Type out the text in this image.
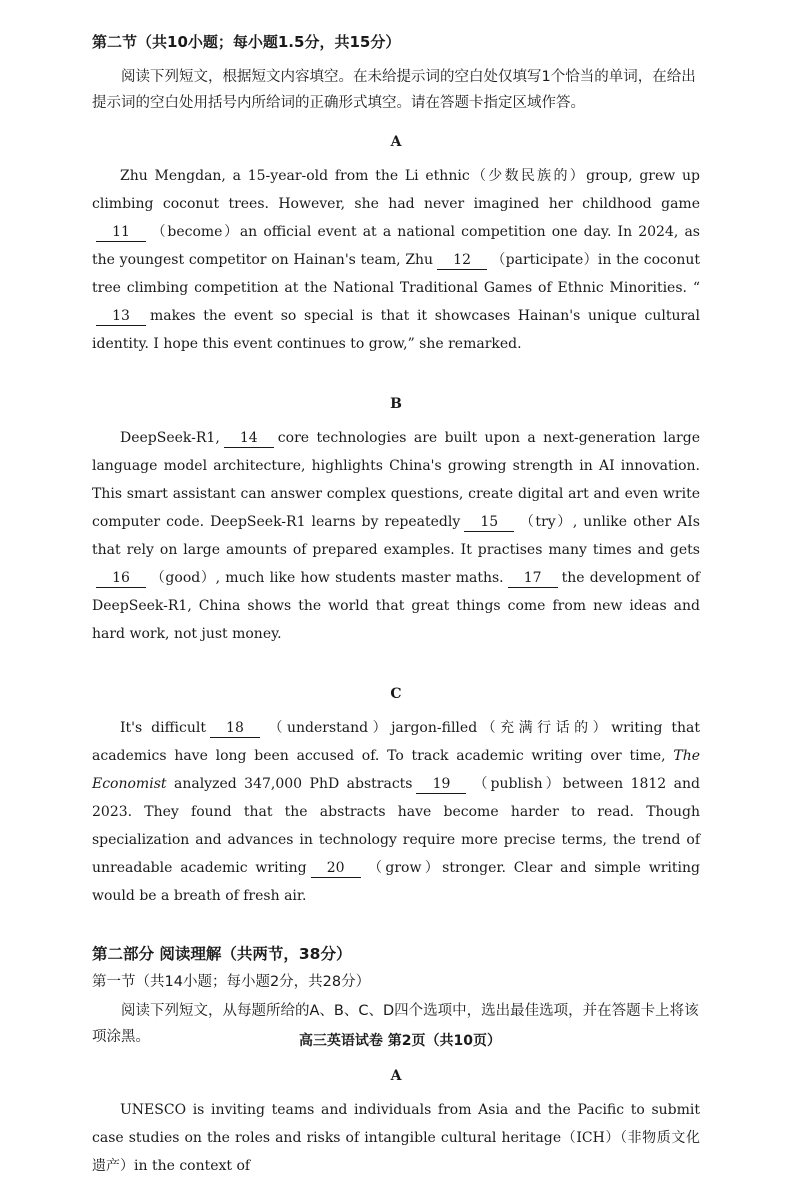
第二节（共10小题；每小题1.5分，共15分）

阅读下列短文，根据短文内容填空。在未给提示词的空白处仅填写1个恰当的单词，在给出提示词的空白处用括号内所给词的正确形式填空。请在答题卡指定区域作答。

A

Zhu Mengdan, a 15-year-old from the Li ethnic（少数民族的）group, grew up climbing coconut trees. However, she had never imagined her childhood game11 （become）an official event at a national competition one day. In 2024, as the youngest competitor on Hainan's team, Zhu 12 （participate）in the coconut tree climbing competition at the National Traditional Games of Ethnic Minorities. “13 makes the event so special is that it showcases Hainan's unique cultural identity. I hope this event continues to grow,” she remarked.

B

DeepSeek-R1, 14 core technologies are built upon a next-generation large language model architecture, highlights China's growing strength in AI innovation. This smart assistant can answer complex questions, create digital art and even write computer code. DeepSeek-R1 learns by repeatedly 15 （try）, unlike other AIs that rely on large amounts of prepared examples. It practises many times and gets16 （good）, much like how students master maths. 17 the development of DeepSeek-R1, China shows the world that great things come from new ideas and hard work, not just money.

C

It's difficult 18 （understand）jargon-filled（充满行话的）writing that academics have long been accused of. To track academic writing over time, The Economist analyzed 347,000 PhD abstracts 19 （publish）between 1812 and 2023. They found that the abstracts have become harder to read. Though specialization and advances in technology require more precise terms, the trend of unreadable academic writing 20 （grow）stronger. Clear and simple writing would be a breath of fresh air.

第二部分 阅读理解（共两节，38分）
第一节（共14小题；每小题2分，共28分）

阅读下列短文，从每题所给的A、B、C、D四个选项中，选出最佳选项，并在答题卡上将该项涂黑。

A

UNESCO is inviting teams and individuals from Asia and the Pacific to submit case studies on the roles and risks of intangible cultural heritage（ICH）（非物质文化遗产）in the context of

高三英语试卷 第2页（共10页）
